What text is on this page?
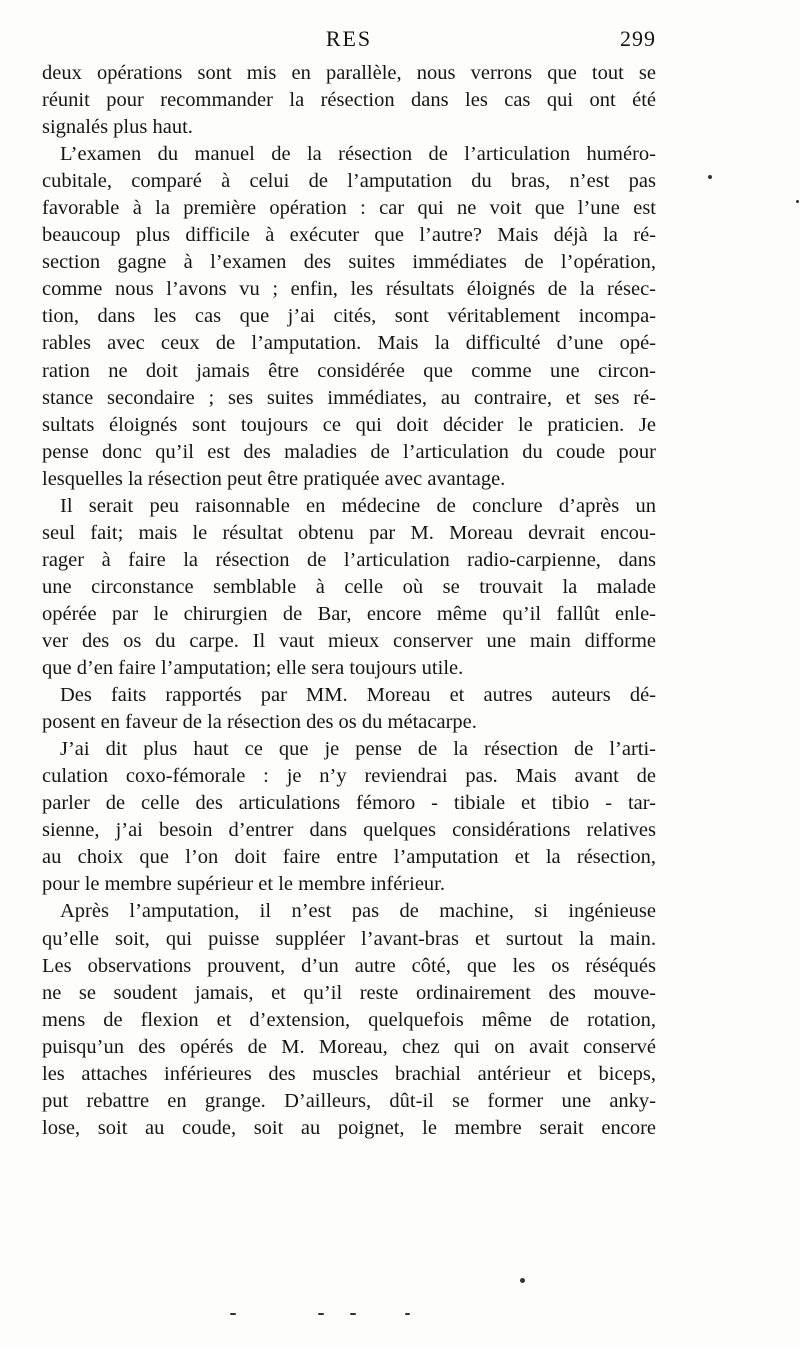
RES	299
deux opérations sont mis en parallèle, nous verrons que tout se
réunit pour recommander la résection dans les cas qui ont été
signalés plus haut.
L’examen du manuel de la résection de l’articulation huméro-
cubitale, comparé à celui de l’amputation du bras, n’est pas
favorable à la première opération : car qui ne voit que l’une est
beaucoup plus difficile à exécuter que l’autre? Mais déjà la ré-
section gagne à l’examen des suites immédiates de l’opération,
comme nous l’avons vu ; enfin, les résultats éloignés de la résec-
tion, dans les cas que j’ai cités, sont véritablement incompa-
rables avec ceux de l’amputation. Mais la difficulté d’une opé-
ration ne doit jamais être considérée que comme une circon-
stance secondaire ; ses suites immédiates, au contraire, et ses ré-
sultats éloignés sont toujours ce qui doit décider le praticien. Je
pense donc qu’il est des maladies de l’articulation du coude pour
lesquelles la résection peut être pratiquée avec avantage.
Il serait peu raisonnable en médecine de conclure d’après un
seul fait; mais le résultat obtenu par M. Moreau devrait encou-
rager à faire la résection de l’articulation radio-carpienne, dans
une circonstance semblable à celle où se trouvait la malade
opérée par le chirurgien de Bar, encore même qu’il fallût enle-
ver des os du carpe. Il vaut mieux conserver une main difforme
que d’en faire l’amputation; elle sera toujours utile.
Des faits rapportés par MM. Moreau et autres auteurs dé-
posent en faveur de la résection des os du métacarpe.
J’ai dit plus haut ce que je pense de la résection de l’arti-
culation coxo-fémorale : je n’y reviendrai pas. Mais avant de
parler de celle des articulations fémoro - tibiale et tibio - tar-
sienne, j’ai besoin d’entrer dans quelques considérations relatives
au choix que l’on doit faire entre l’amputation et la résection,
pour le membre supérieur et le membre inférieur.
Après l’amputation, il n’est pas de machine, si ingénieuse
qu’elle soit, qui puisse suppléer l’avant-bras et surtout la main.
Les observations prouvent, d’un autre côté, que les os réséqués
ne se soudent jamais, et qu’il reste ordinairement des mouve-
mens de flexion et d’extension, quelquefois même de rotation,
puisqu’un des opérés de M. Moreau, chez qui on avait conservé
les attaches inférieures des muscles brachial antérieur et biceps,
put rebattre en grange. D’ailleurs, dût-il se former une anky-
lose, soit au coude, soit au poignet, le membre serait encore
